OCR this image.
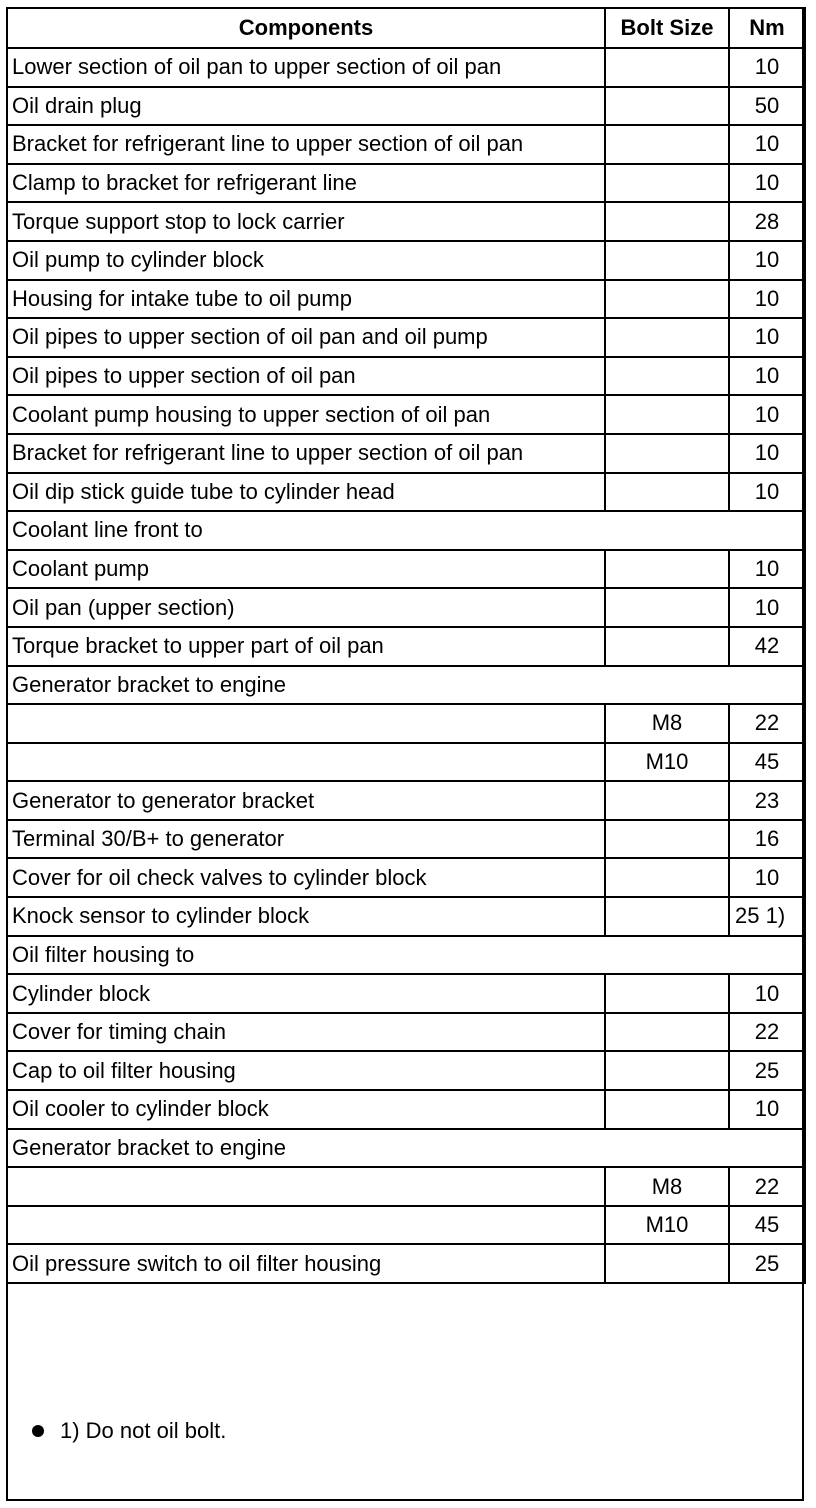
Components	Bolt Size	Nm
Lower section of oil pan to upper section of oil pan		10
Oil drain plug		50
Bracket for refrigerant line to upper section of oil pan		10
Clamp to bracket for refrigerant line		10
Torque support stop to lock carrier		28
Oil pump to cylinder block		10
Housing for intake tube to oil pump		10
Oil pipes to upper section of oil pan and oil pump		10
Oil pipes to upper section of oil pan		10
Coolant pump housing to upper section of oil pan		10
Bracket for refrigerant line to upper section of oil pan		10
Oil dip stick guide tube to cylinder head		10
Coolant line front to		
Coolant pump		10
Oil pan (upper section)		10
Torque bracket to upper part of oil pan		42
Generator bracket to engine		
	M8	22
	M10	45
Generator to generator bracket		23
Terminal 30/B+ to generator		16
Cover for oil check valves to cylinder block		10
Knock sensor to cylinder block		25 1)
Oil filter housing to		
Cylinder block		10
Cover for timing chain		22
Cap to oil filter housing		25
Oil cooler to cylinder block		10
Generator bracket to engine		
	M8	22
	M10	45
Oil pressure switch to oil filter housing		25
1) Do not oil bolt.
